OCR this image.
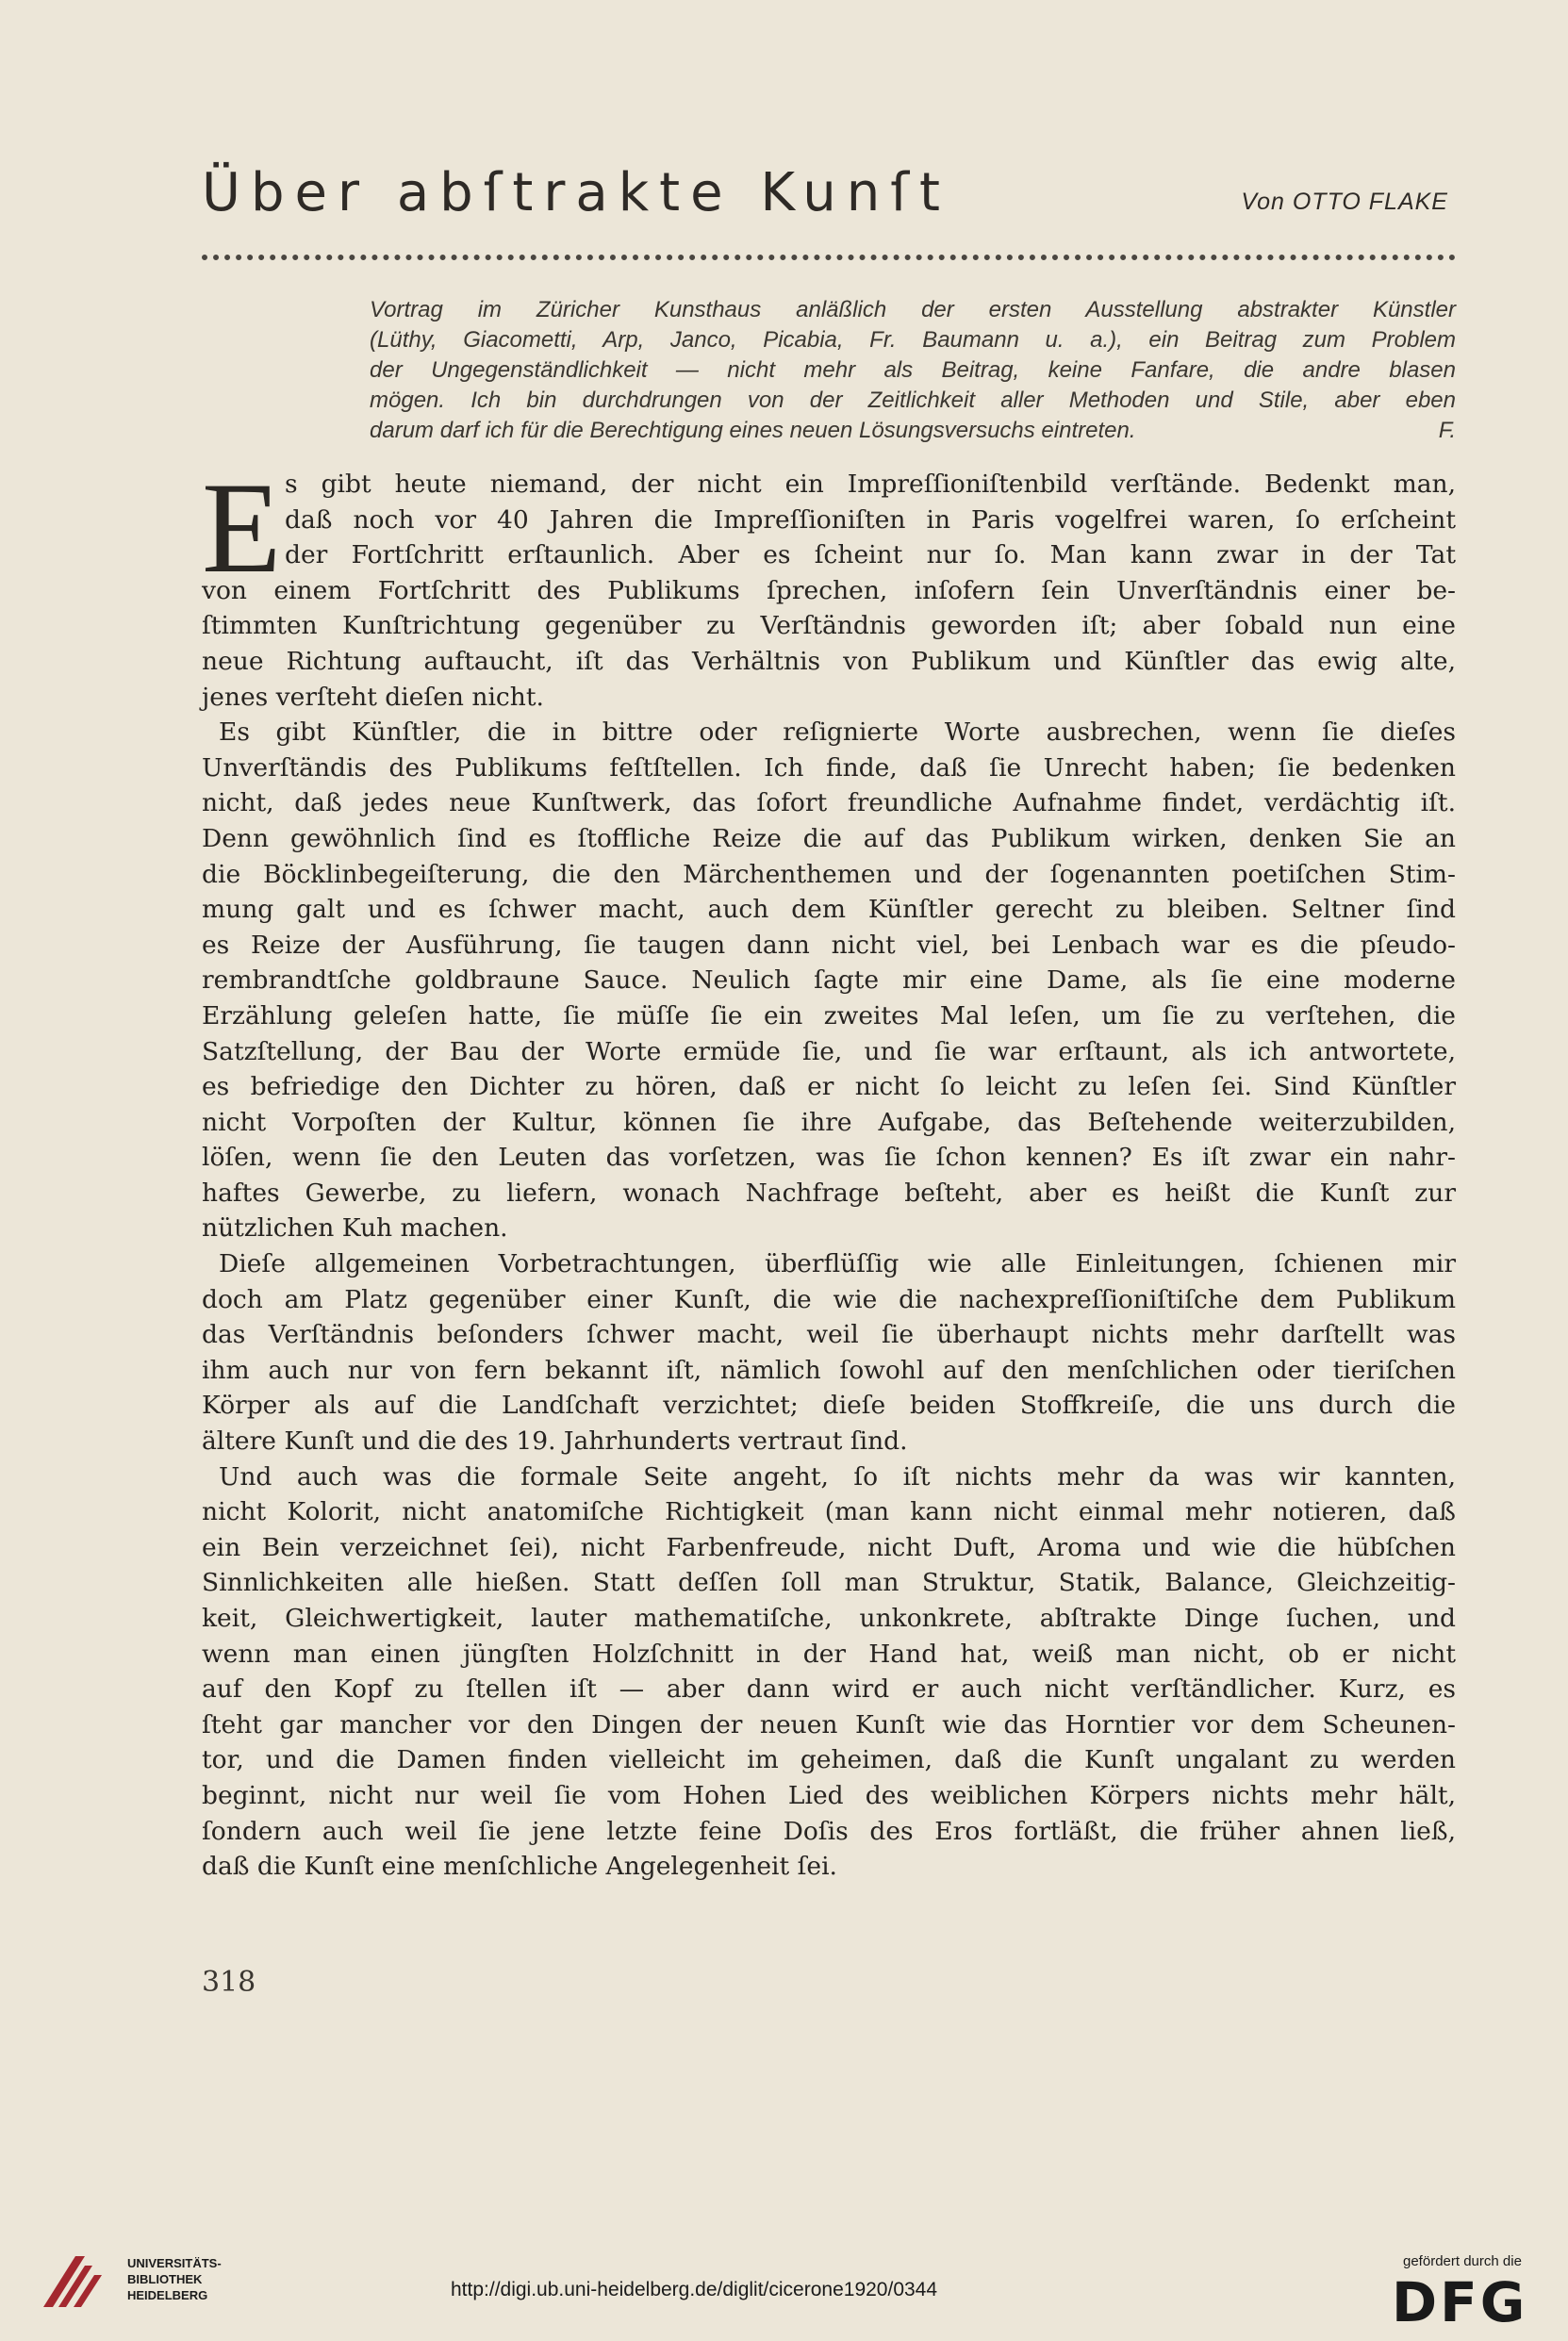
Über abſtrakte Kunſt	Von OTTO FLAKE
Vortrag im Züricher Kunsthaus anläßlich der ersten Ausstellung abstrakter Künstler
(Lüthy, Giacometti, Arp, Janco, Picabia, Fr. Baumann u. a.), ein Beitrag zum Problem
der Ungegenständlichkeit — nicht mehr als Beitrag, keine Fanfare, die andre blasen
mögen. Ich bin durchdrungen von der Zeitlichkeit aller Methoden und Stile, aber eben
darum darf ich für die Berechtigung eines neuen Lösungsversuchs eintreten.	F.
E s gibt heute niemand, der nicht ein Impreſſioniſtenbild verſtände. Bedenkt man,
daß noch vor 40 Jahren die Impreſſioniſten in Paris vogelfrei waren, ſo erſcheint
der Fortſchritt erſtaunlich. Aber es ſcheint nur ſo. Man kann zwar in der Tat
von einem Fortſchritt des Publikums ſprechen, inſofern ſein Unverſtändnis einer be-
ſtimmten Kunſtrichtung gegenüber zu Verſtändnis geworden iſt; aber ſobald nun eine
neue Richtung auftaucht, iſt das Verhältnis von Publikum und Künſtler das ewig alte,
jenes verſteht dieſen nicht.
Es gibt Künſtler, die in bittre oder reſignierte Worte ausbrechen, wenn ſie dieſes
Unverſtändis des Publikums feſtſtellen. Ich finde, daß ſie Unrecht haben; ſie bedenken
nicht, daß jedes neue Kunſtwerk, das ſofort freundliche Aufnahme findet, verdächtig iſt.
Denn gewöhnlich ſind es ſtoffliche Reize die auf das Publikum wirken, denken Sie an
die Böcklinbegeiſterung, die den Märchenthemen und der ſogenannten poetiſchen Stim-
mung galt und es ſchwer macht, auch dem Künſtler gerecht zu bleiben. Seltner ſind
es Reize der Ausführung, ſie taugen dann nicht viel, bei Lenbach war es die pſeudo-
rembrandtſche goldbraune Sauce. Neulich ſagte mir eine Dame, als ſie eine moderne
Erzählung geleſen hatte, ſie müſſe ſie ein zweites Mal leſen, um ſie zu verſtehen, die
Satzſtellung, der Bau der Worte ermüde ſie, und ſie war erſtaunt, als ich antwortete,
es befriedige den Dichter zu hören, daß er nicht ſo leicht zu leſen ſei. Sind Künſtler
nicht Vorpoſten der Kultur, können ſie ihre Aufgabe, das Beſtehende weiterzubilden,
löſen, wenn ſie den Leuten das vorſetzen, was ſie ſchon kennen? Es iſt zwar ein nahr-
haftes Gewerbe, zu liefern, wonach Nachfrage beſteht, aber es heißt die Kunſt zur
nützlichen Kuh machen.
Dieſe allgemeinen Vorbetrachtungen, überflüſſig wie alle Einleitungen, ſchienen mir
doch am Platz gegenüber einer Kunſt, die wie die nachexpreſſioniſtiſche dem Publikum
das Verſtändnis beſonders ſchwer macht, weil ſie überhaupt nichts mehr darſtellt was
ihm auch nur von fern bekannt iſt, nämlich ſowohl auf den menſchlichen oder tieriſchen
Körper als auf die Landſchaft verzichtet; dieſe beiden Stoffkreiſe, die uns durch die
ältere Kunſt und die des 19. Jahrhunderts vertraut ſind.
Und auch was die formale Seite angeht, ſo iſt nichts mehr da was wir kannten,
nicht Kolorit, nicht anatomiſche Richtigkeit (man kann nicht einmal mehr notieren, daß
ein Bein verzeichnet ſei), nicht Farbenfreude, nicht Duft, Aroma und wie die hübſchen
Sinnlichkeiten alle hießen. Statt deſſen ſoll man Struktur, Statik, Balance, Gleichzeitig-
keit, Gleichwertigkeit, lauter mathematiſche, unkonkrete, abſtrakte Dinge ſuchen, und
wenn man einen jüngſten Holzſchnitt in der Hand hat, weiß man nicht, ob er nicht
auf den Kopf zu ſtellen iſt — aber dann wird er auch nicht verſtändlicher. Kurz, es
ſteht gar mancher vor den Dingen der neuen Kunſt wie das Horntier vor dem Scheunen-
tor, und die Damen finden vielleicht im geheimen, daß die Kunſt ungalant zu werden
beginnt, nicht nur weil ſie vom Hohen Lied des weiblichen Körpers nichts mehr hält,
ſondern auch weil ſie jene letzte feine Doſis des Eros fortläßt, die früher ahnen ließ,
daß die Kunſt eine menſchliche Angelegenheit ſei.
318
UNIVERSITÄTS-
BIBLIOTHEK
HEIDELBERG	http://digi.ub.uni-heidelberg.de/diglit/cicerone1920/0344
gefördert durch die
DFG
